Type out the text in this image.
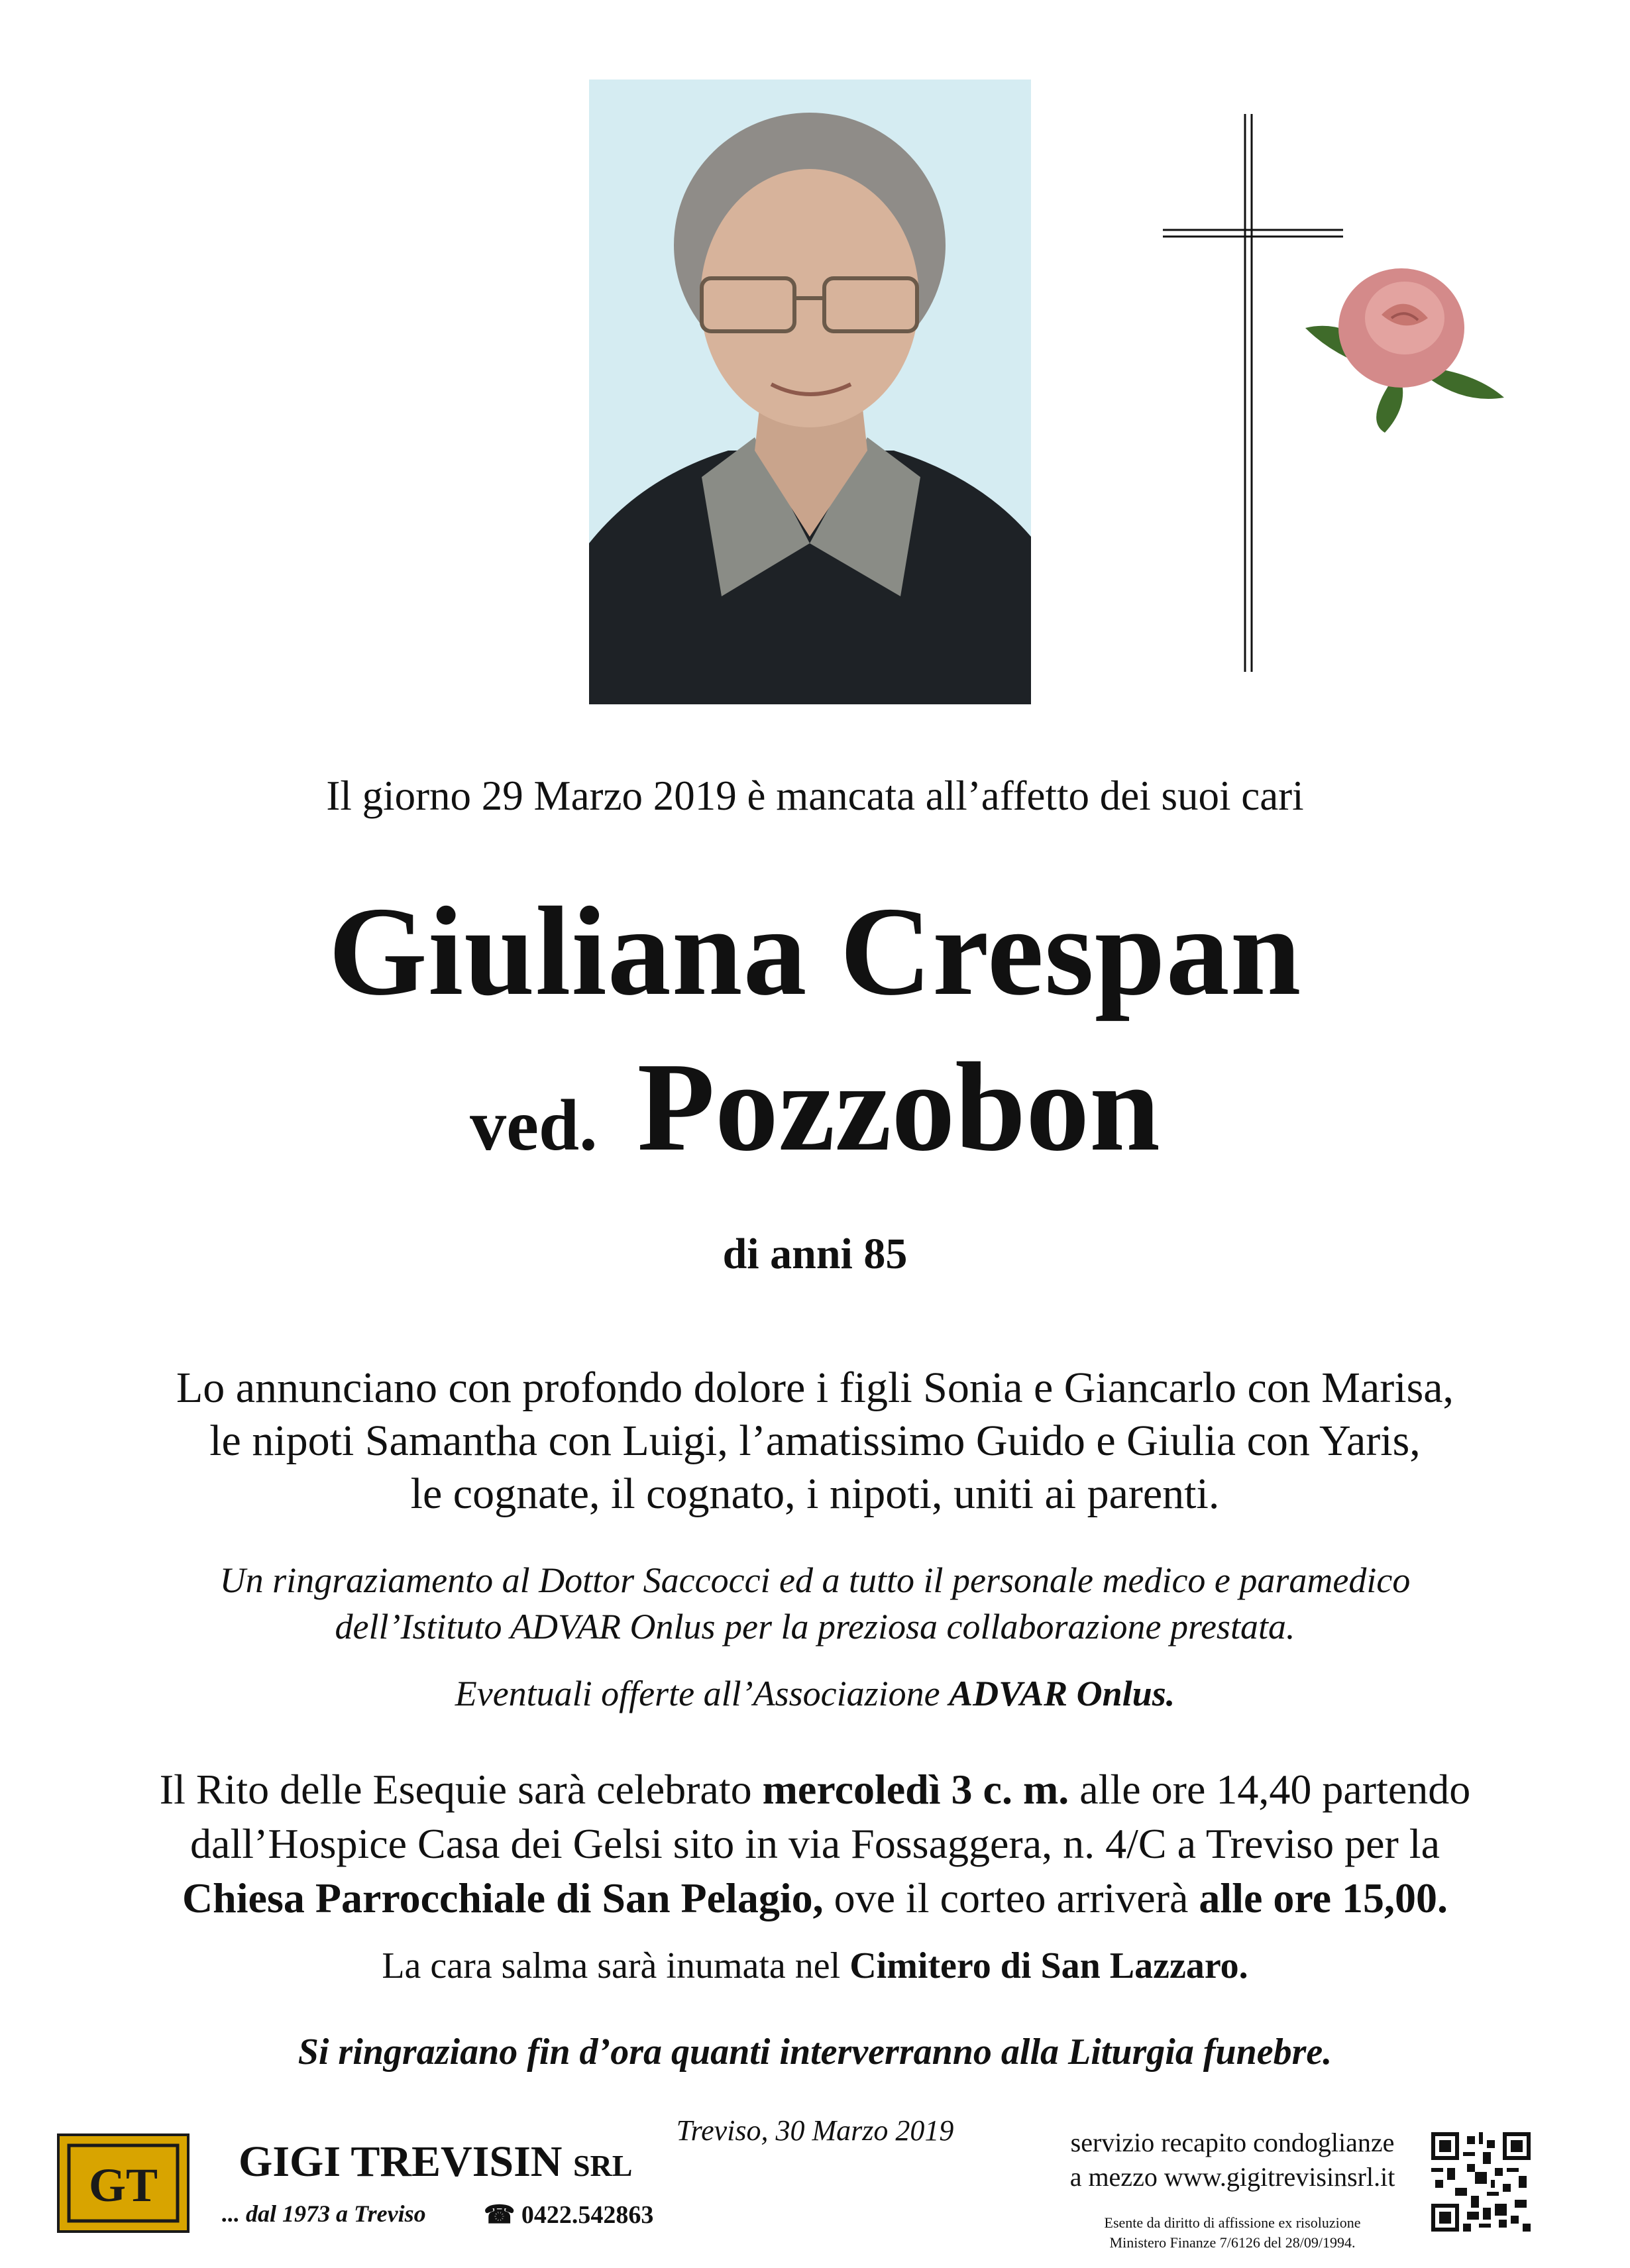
Il giorno 29 Marzo 2019 è mancata all’affetto dei suoi cari
Giuliana Crespan
ved. Pozzobon
di anni 85
Lo annunciano con profondo dolore i figli Sonia e Giancarlo con Marisa,
le nipoti Samantha con Luigi, l’amatissimo Guido e Giulia con Yaris,
le cognate, il cognato, i nipoti, uniti ai parenti.
Un ringraziamento al Dottor Saccocci ed a tutto il personale medico e paramedico
dell’Istituto ADVAR Onlus per la preziosa collaborazione prestata.
Eventuali offerte all’Associazione ADVAR Onlus.
Il Rito delle Esequie sarà celebrato mercoledì 3 c. m. alle ore 14,40 partendo
dall’Hospice Casa dei Gelsi sito in via Fossaggera, n. 4/C a Treviso per la
Chiesa Parrocchiale di San Pelagio, ove il corteo arriverà alle ore 15,00.
La cara salma sarà inumata nel Cimitero di San Lazzaro.
Si ringraziano fin d’ora quanti interverranno alla Liturgia funebre.
Treviso, 30 Marzo 2019
GT GIGI TREVISIN SRL
... dal 1973 a Treviso ☎ 0422.542863
servizio recapito condoglianze
a mezzo www.gigitrevisinsrl.it
Esente da diritto di affissione ex risoluzione
Ministero Finanze 7/6126 del 28/09/1994.
